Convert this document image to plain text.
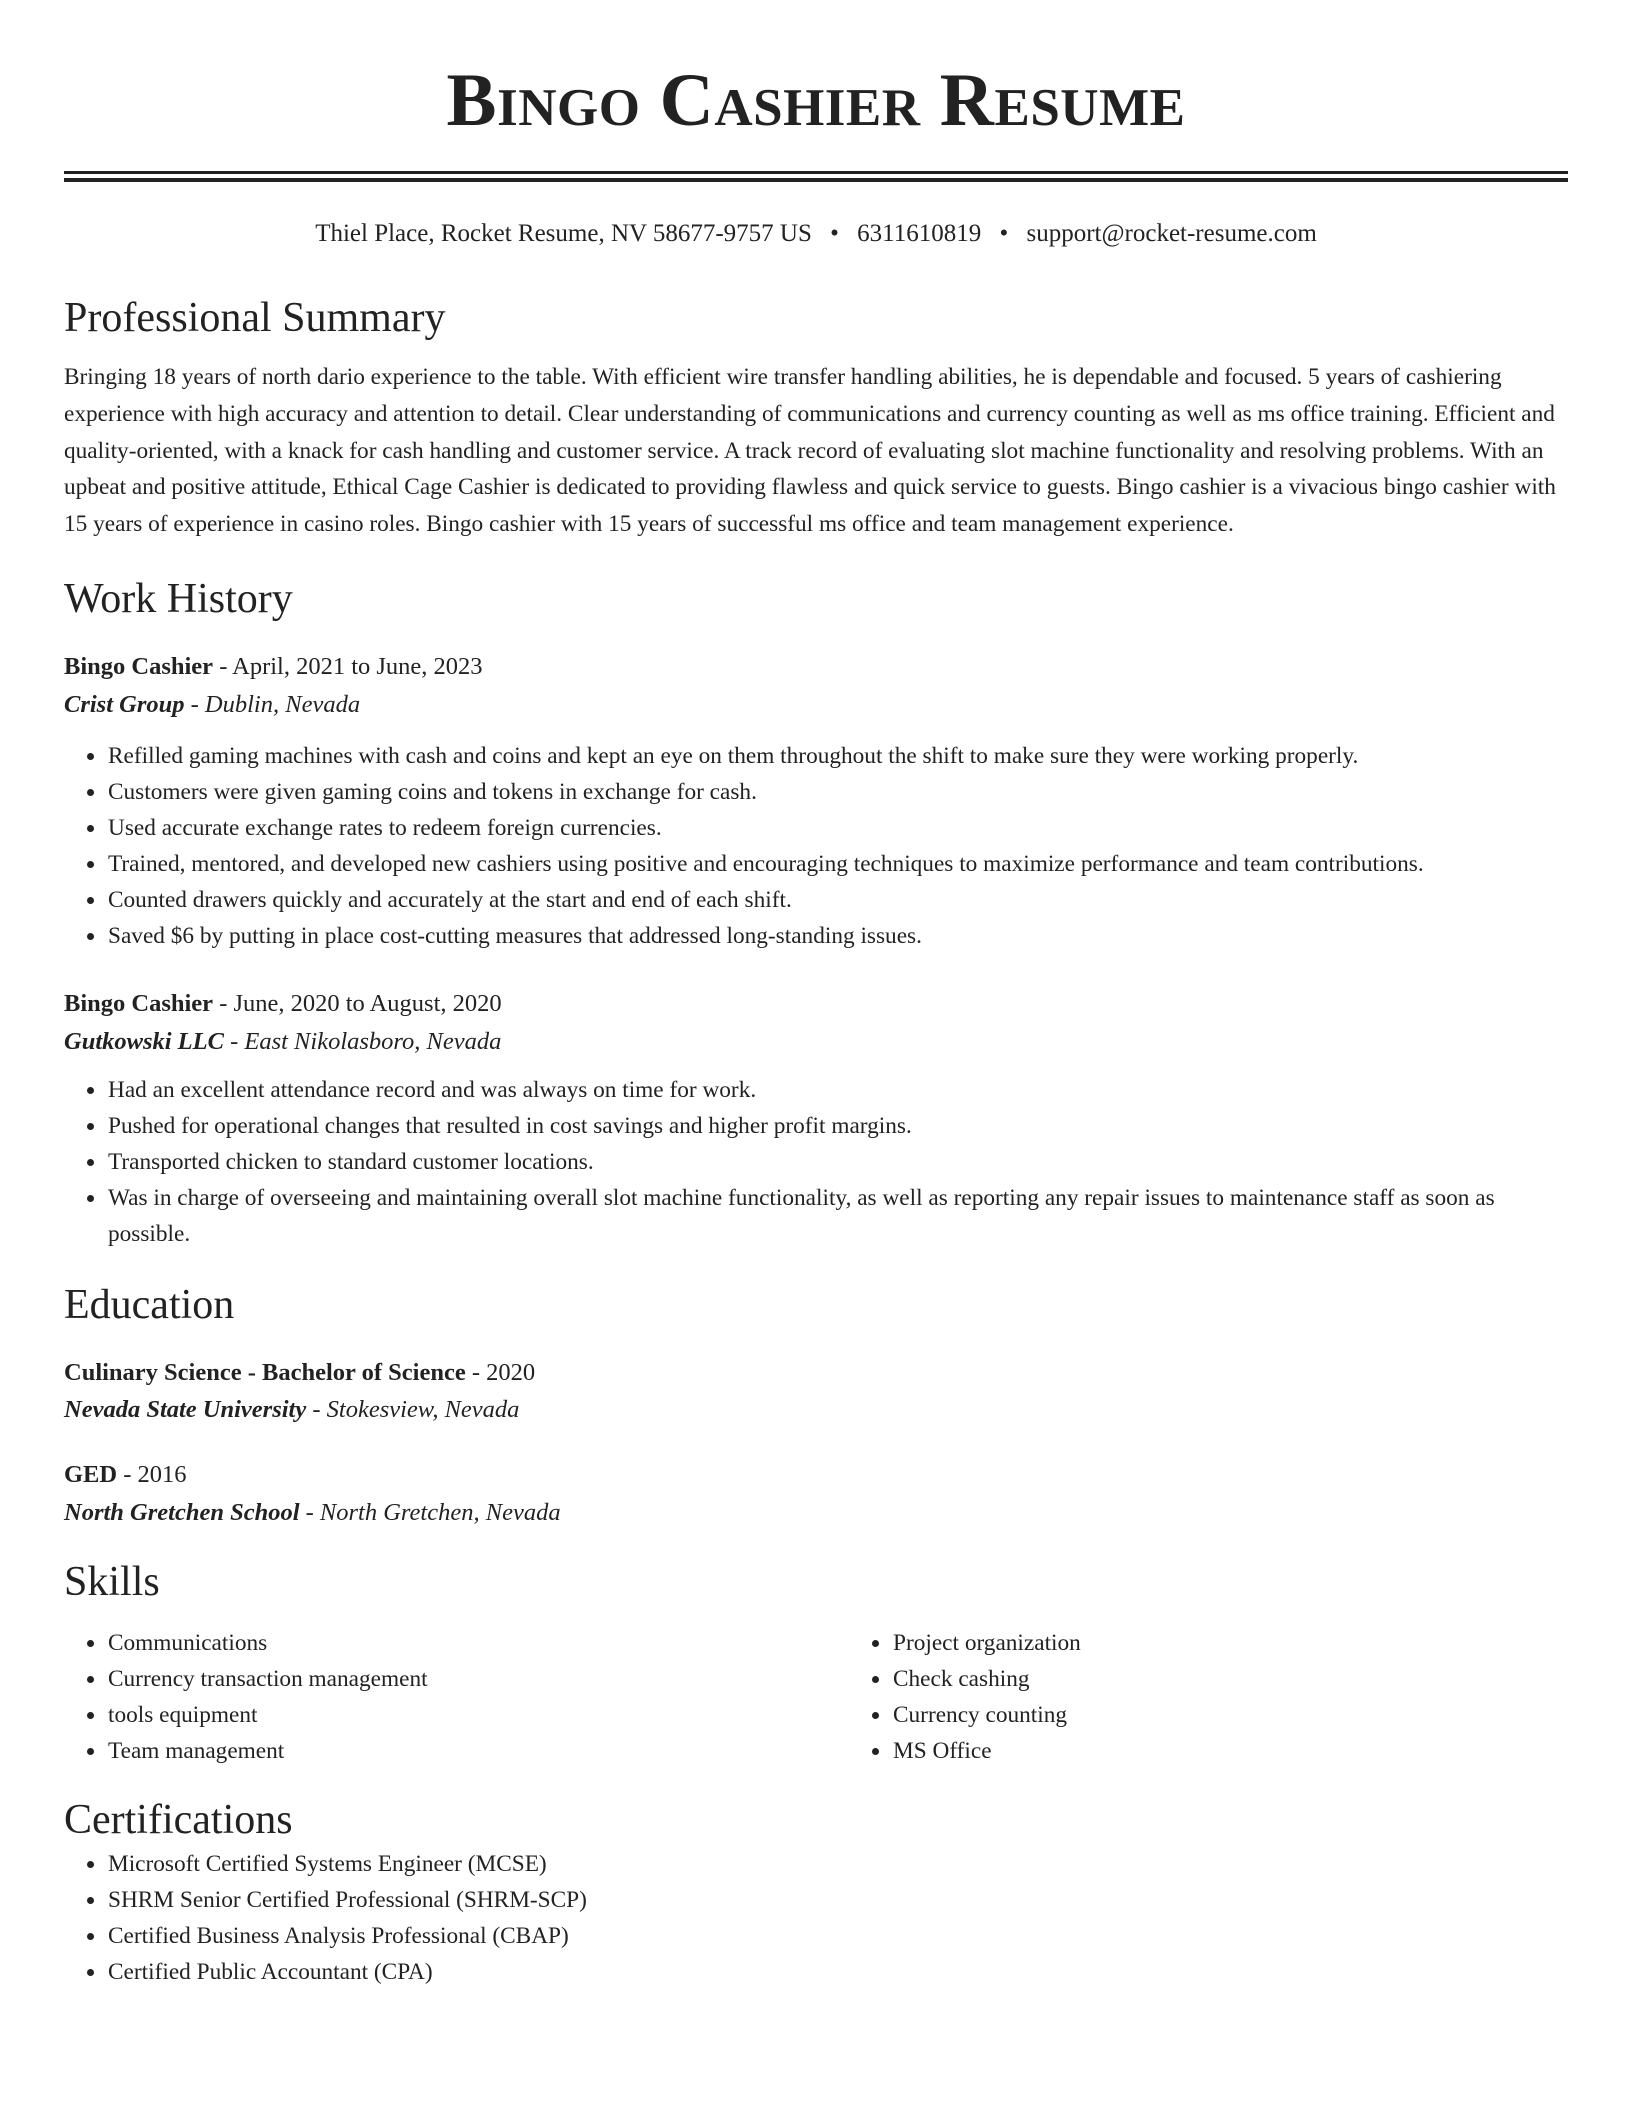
Bingo Cashier Resume
Thiel Place, Rocket Resume, NV 58677-9757 US • 6311610819 • support@rocket-resume.com
Professional Summary
Bringing 18 years of north dario experience to the table. With efficient wire transfer handling abilities, he is dependable and focused. 5 years of cashiering experience with high accuracy and attention to detail. Clear understanding of communications and currency counting as well as ms office training. Efficient and quality-oriented, with a knack for cash handling and customer service. A track record of evaluating slot machine functionality and resolving problems. With an upbeat and positive attitude, Ethical Cage Cashier is dedicated to providing flawless and quick service to guests. Bingo cashier is a vivacious bingo cashier with 15 years of experience in casino roles. Bingo cashier with 15 years of successful ms office and team management experience.
Work History
Bingo Cashier - April, 2021 to June, 2023
Crist Group - Dublin, Nevada
• Refilled gaming machines with cash and coins and kept an eye on them throughout the shift to make sure they were working properly.
• Customers were given gaming coins and tokens in exchange for cash.
• Used accurate exchange rates to redeem foreign currencies.
• Trained, mentored, and developed new cashiers using positive and encouraging techniques to maximize performance and team contributions.
• Counted drawers quickly and accurately at the start and end of each shift.
• Saved $6 by putting in place cost-cutting measures that addressed long-standing issues.
Bingo Cashier - June, 2020 to August, 2020
Gutkowski LLC - East Nikolasboro, Nevada
• Had an excellent attendance record and was always on time for work.
• Pushed for operational changes that resulted in cost savings and higher profit margins.
• Transported chicken to standard customer locations.
• Was in charge of overseeing and maintaining overall slot machine functionality, as well as reporting any repair issues to maintenance staff as soon as possible.
Education
Culinary Science - Bachelor of Science - 2020
Nevada State University - Stokesview, Nevada
GED - 2016
North Gretchen School - North Gretchen, Nevada
Skills
• Communications
• Currency transaction management
• tools equipment
• Team management
• Project organization
• Check cashing
• Currency counting
• MS Office
Certifications
• Microsoft Certified Systems Engineer (MCSE)
• SHRM Senior Certified Professional (SHRM-SCP)
• Certified Business Analysis Professional (CBAP)
• Certified Public Accountant (CPA)
